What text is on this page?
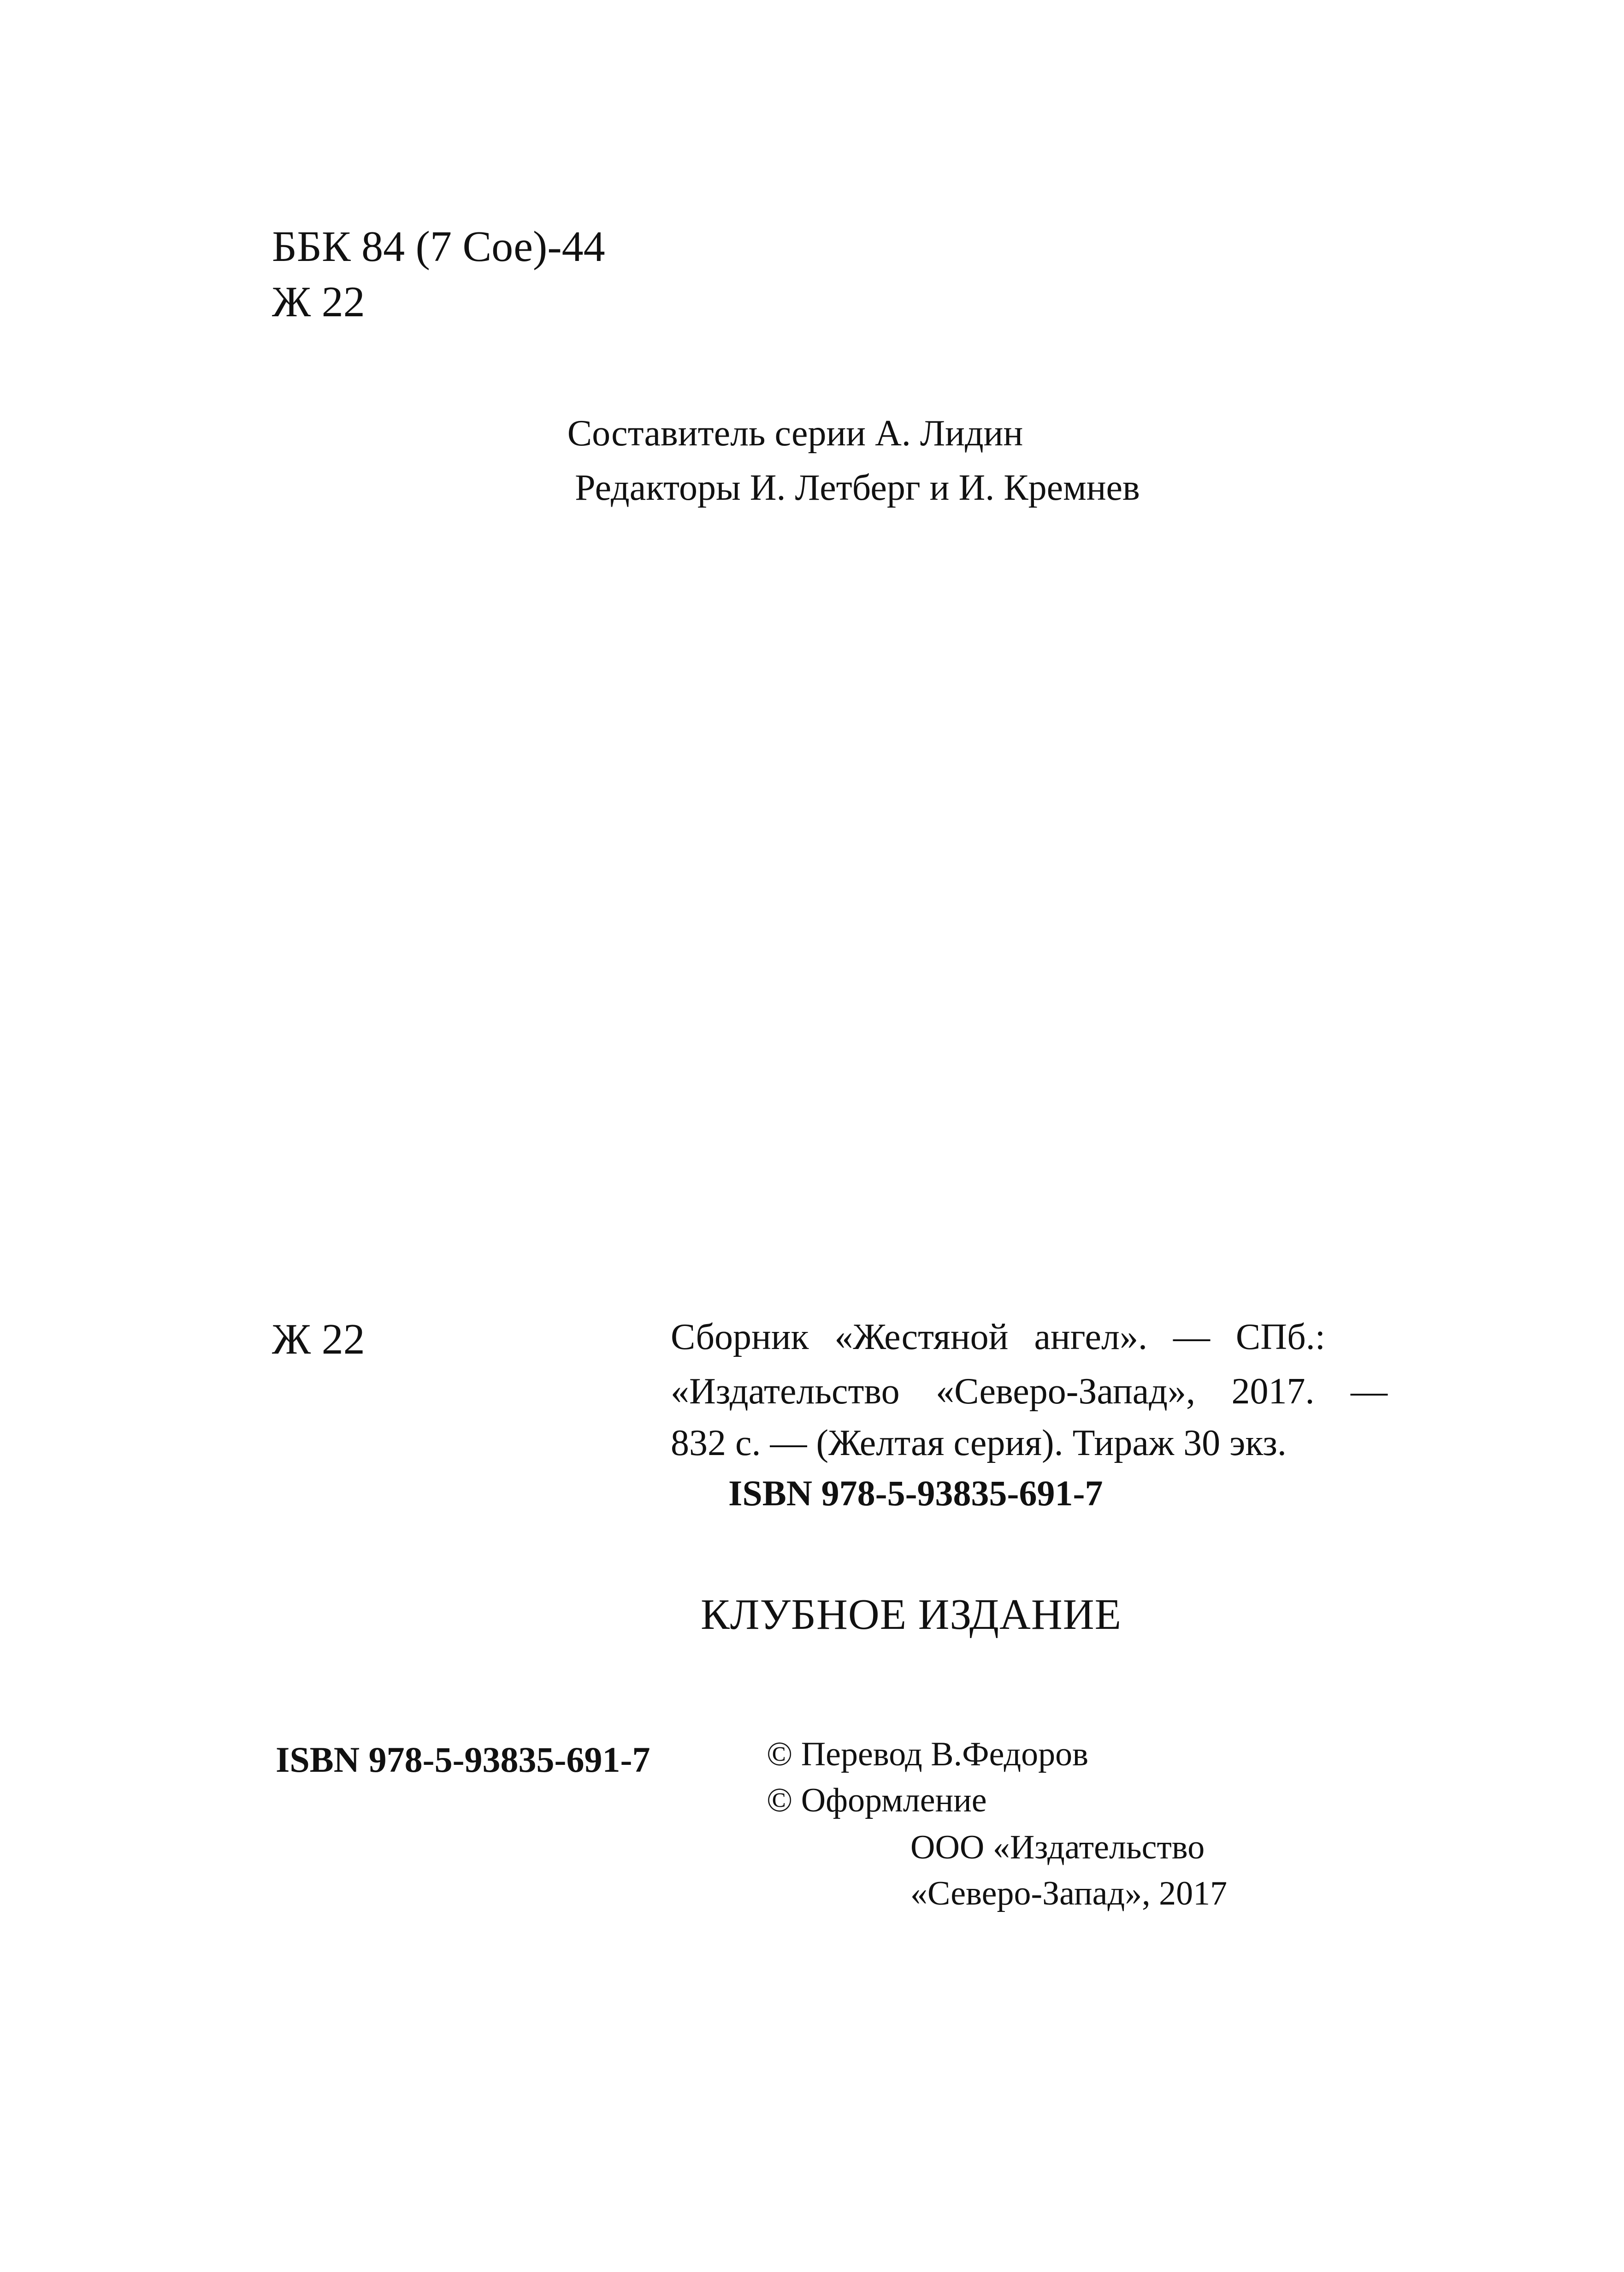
ББК 84 (7 Сое)-44
Ж 22
Составитель серии А. Лидин
Редакторы И. Летберг и И. Кремнев
Ж 22	Сборник «Жестяной ангел». — СПб.:
«Издательство «Северо-Запад», 2017. —
832 с. — (Желтая серия). Тираж 30 экз.
ISBN 978-5-93835-691-7
КЛУБНОЕ ИЗДАНИЕ
ISBN 978-5-93835-691-7	© Перевод В.Федоров
© Оформление
ООО «Издательство
«Северо-Запад», 2017
